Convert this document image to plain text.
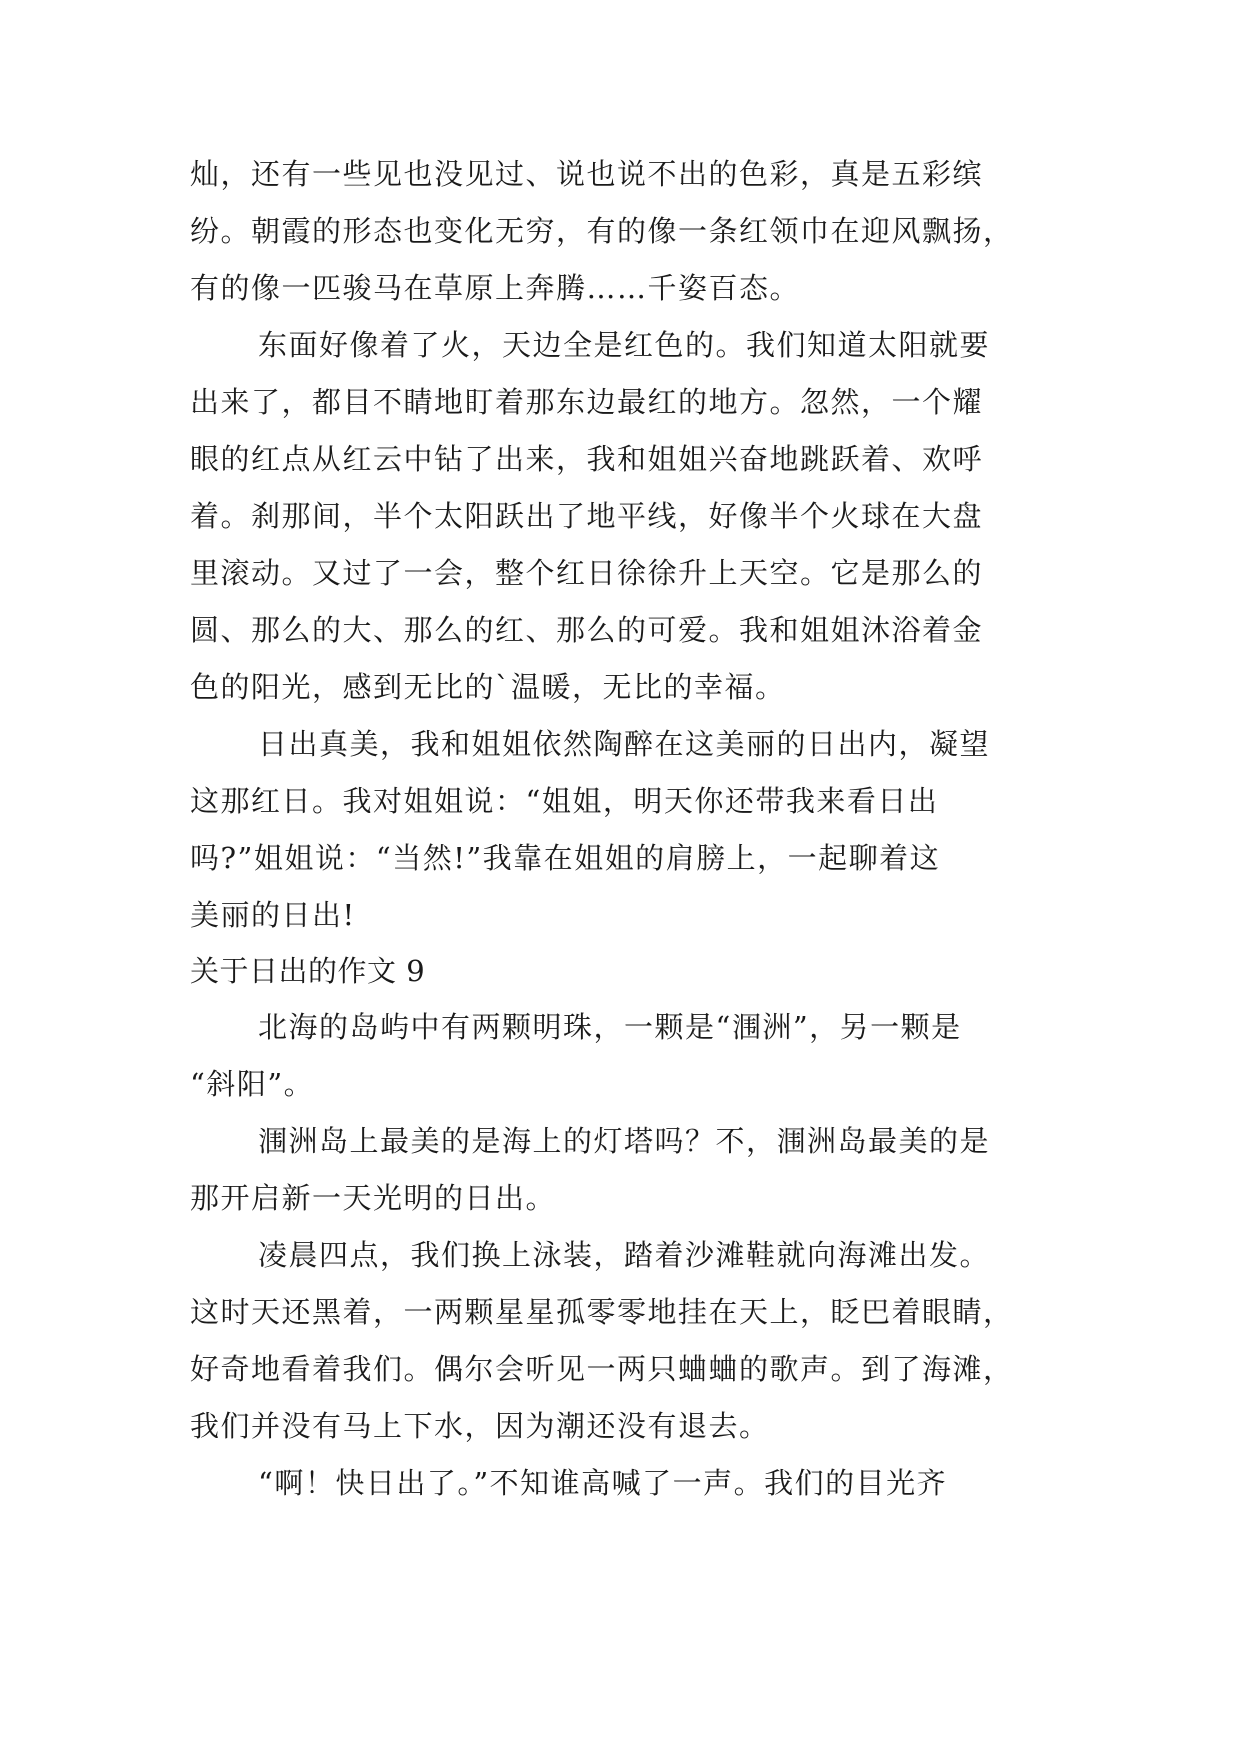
灿，还有一些见也没见过、说也说不出的色彩，真是五彩缤
纷。朝霞的形态也变化无穷，有的像一条红领巾在迎风飘扬，
有的像一匹骏马在草原上奔腾……千姿百态。
东面好像着了火，天边全是红色的。我们知道太阳就要
出来了，都目不睛地盯着那东边最红的地方。忽然，一个耀
眼的红点从红云中钻了出来，我和姐姐兴奋地跳跃着、欢呼
着。刹那间，半个太阳跃出了地平线，好像半个火球在大盘
里滚动。又过了一会，整个红日徐徐升上天空。它是那么的
圆、那么的大、那么的红、那么的可爱。我和姐姐沐浴着金
色的阳光，感到无比的`温暖，无比的幸福。
日出真美，我和姐姐依然陶醉在这美丽的日出内，凝望
这那红日。我对姐姐说：“姐姐，明天你还带我来看日出
吗?”姐姐说：“当然!”我靠在姐姐的肩膀上，一起聊着这
美丽的日出!
关于日出的作文 9
北海的岛屿中有两颗明珠，一颗是“涠洲”，另一颗是
“斜阳”。
涠洲岛上最美的是海上的灯塔吗？不，涠洲岛最美的是
那开启新一天光明的日出。
凌晨四点，我们换上泳装，踏着沙滩鞋就向海滩出发。
这时天还黑着，一两颗星星孤零零地挂在天上，眨巴着眼睛，
好奇地看着我们。偶尔会听见一两只蛐蛐的歌声。到了海滩，
我们并没有马上下水，因为潮还没有退去。
“啊！快日出了。”不知谁高喊了一声。我们的目光齐
